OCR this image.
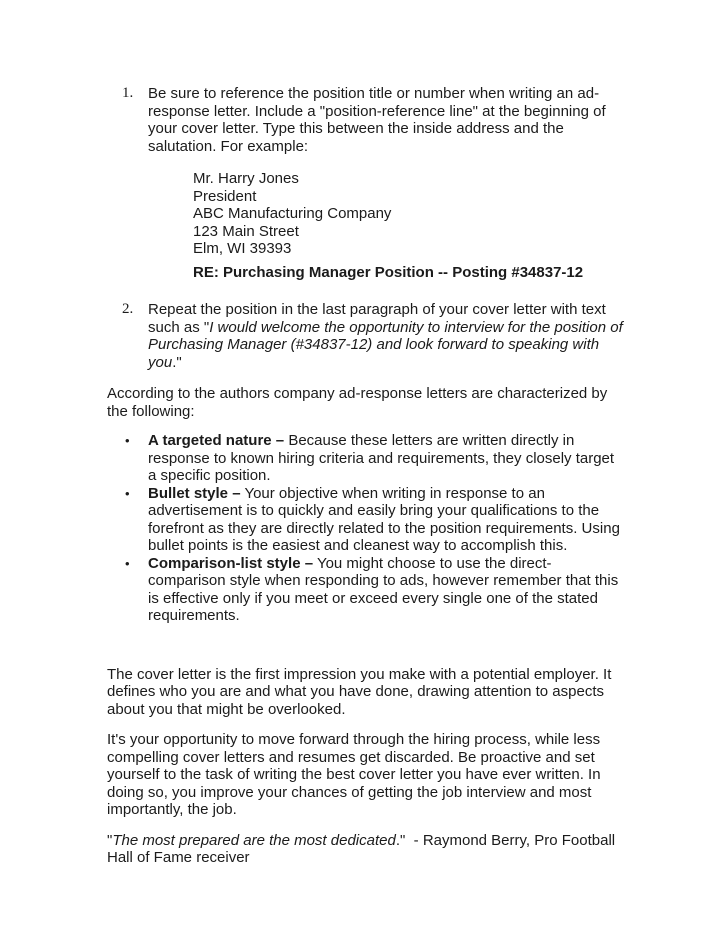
1. Be sure to reference the position title or number when writing an ad-response letter. Include a "position-reference line" at the beginning of your cover letter. Type this between the inside address and the salutation. For example:

Mr. Harry Jones

President

ABC Manufacturing Company

123 Main Street

Elm, WI 39393

RE: Purchasing Manager Position -- Posting #34837-12

2. Repeat the position in the last paragraph of your cover letter with text such as "I would welcome the opportunity to interview for the position of Purchasing Manager (#34837-12) and look forward to speaking with you."

According to the authors company ad-response letters are characterized by the following:

•	A targeted nature – Because these letters are written directly in response to known hiring criteria and requirements, they closely target a specific position.

•	Bullet style – Your objective when writing in response to an advertisement is to quickly and easily bring your qualifications to the forefront as they are directly related to the position requirements. Using bullet points is the easiest and cleanest way to accomplish this.

•	Comparison-list style – You might choose to use the direct-comparison style when responding to ads, however remember that this is effective only if you meet or exceed every single one of the stated requirements.

The cover letter is the first impression you make with a potential employer. It defines who you are and what you have done, drawing attention to aspects about you that might be overlooked.

It's your opportunity to move forward through the hiring process, while less compelling cover letters and resumes get discarded. Be proactive and set yourself to the task of writing the best cover letter you have ever written. In doing so, you improve your chances of getting the job interview and most importantly, the job.

"The most prepared are the most dedicated."  - Raymond Berry, Pro Football Hall of Fame receiver
